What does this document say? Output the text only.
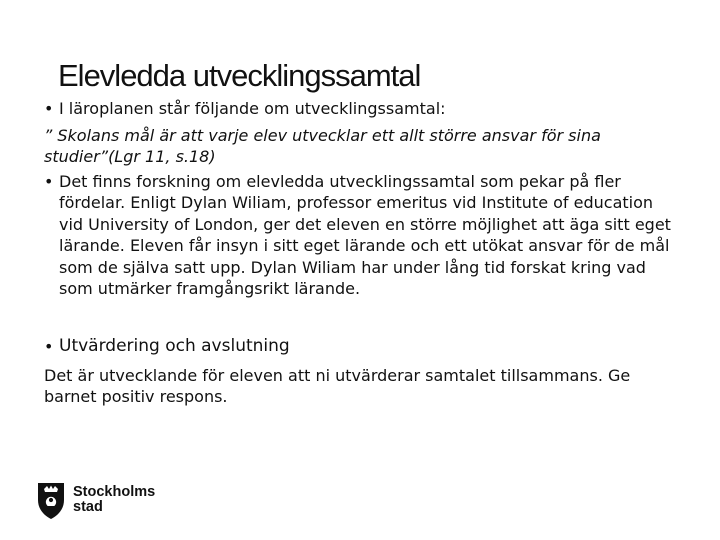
Elevledda utvecklingssamtal
• I läroplanen står följande om utvecklingssamtal:
” Skolans mål är att varje elev utvecklar ett allt större ansvar för sina
studier”(Lgr 11, s.18)
• Det finns forskning om elevledda utvecklingssamtal som pekar på fler
fördelar. Enligt Dylan Wiliam, professor emeritus vid Institute of education
vid University of London, ger det eleven en större möjlighet att äga sitt eget
lärande. Eleven får insyn i sitt eget lärande och ett utökat ansvar för de mål
som de själva satt upp. Dylan Wiliam har under lång tid forskat kring vad
som utmärker framgångsrikt lärande.
• Utvärdering och avslutning
Det är utvecklande för eleven att ni utvärderar samtalet tillsammans. Ge
barnet positiv respons.
Stockholms
stad
